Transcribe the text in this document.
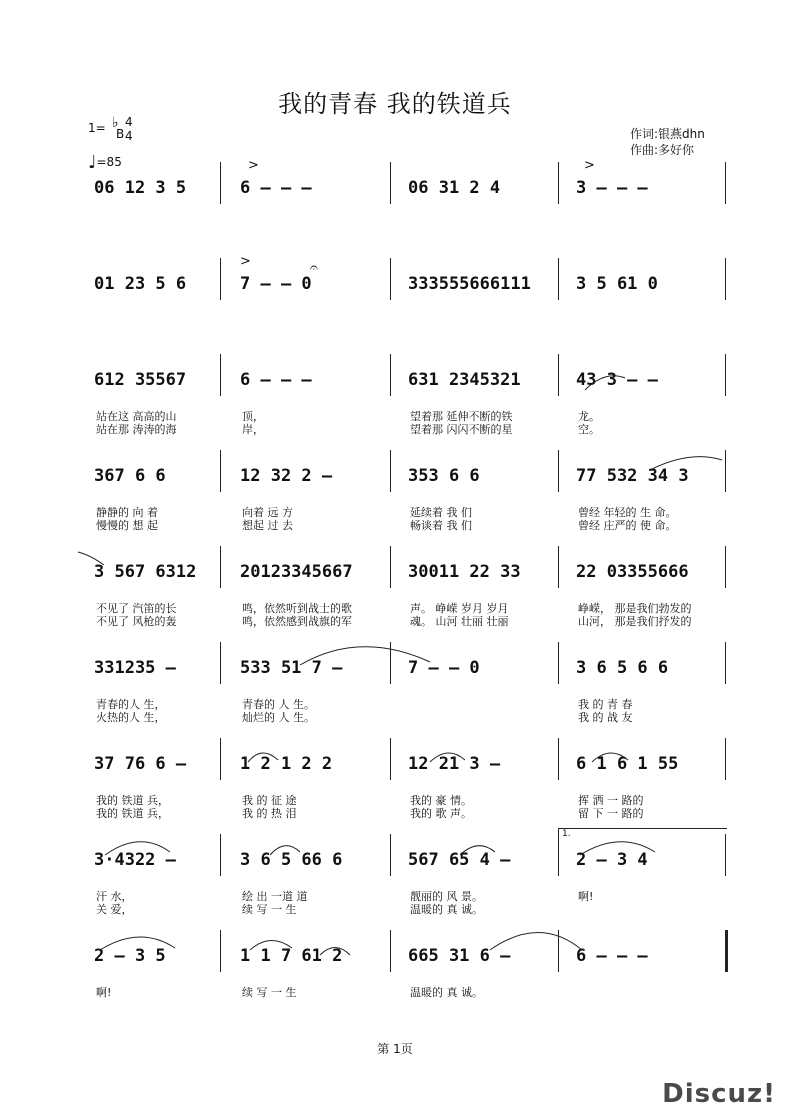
我的青春 我的铁道兵
1= ♭
B
4
4
♩=85
作词:银燕dhn
作曲:多好你
06 12 3 5	6 – – –	06 31 2 4	3 – – –
>	>
01 23 5 6	7 – – 0	333555666111	3 5 61 0
>	𝄐
612 35567	6 – – –	631 2345321	43 3 – –
站在这 高高的山	顶，	望着那 延伸不断的铁	龙。
站在那 涛涛的海	岸，	望着那 闪闪不断的星	空。
367 6 6	12 32 2 –	353 6 6	77 532 34 3
静静的 向 着	向着 远 方	延续着 我 们	曾经 年轻的 生 命。
慢慢的 想 起	想起 过 去	畅谈着 我 们	曾经 庄严的 使 命。
3 567 6312	20123345667	30011 22 33	22 03355666
不见了 汽笛的长	鸣，依然听到战士的歌	声。 峥嵘 岁月 岁月	峥嵘， 那是我们勃发的
不见了 风枪的轰	鸣，依然感到战旗的军	魂。 山河 壮丽 壮丽	山河， 那是我们抒发的
331235 –	533 51 7 –	7 – – 0	3 6 5 6 6
青春的人 生，	青春的 人 生。	我 的 青 春
火热的人 生，	灿烂的 人 生。	我 的 战 友
37 76 6 –	1 2 1 2 2	12 21 3 –	6 1 6 1 55
我的 铁道 兵，	我 的 征 途	我的 豪 情。	挥 洒 一 路的
我的 铁道 兵，	我 的 热 泪	我的 歌 声。	留 下 一 路的
3·4322 –	3 6 5 66 6	567 65 4 –	2 – 3 4
汗 水，	绘 出 一道 道	靓丽的 风 景。	啊!
关 爱，	续 写 一 生	温暖的 真 诚。
1.
2 – 3 5	1 1 7 61 2	665 31 6 –	6 – – –
啊!	续 写 一 生	温暖的 真 诚。
第 1页
Discuz!
